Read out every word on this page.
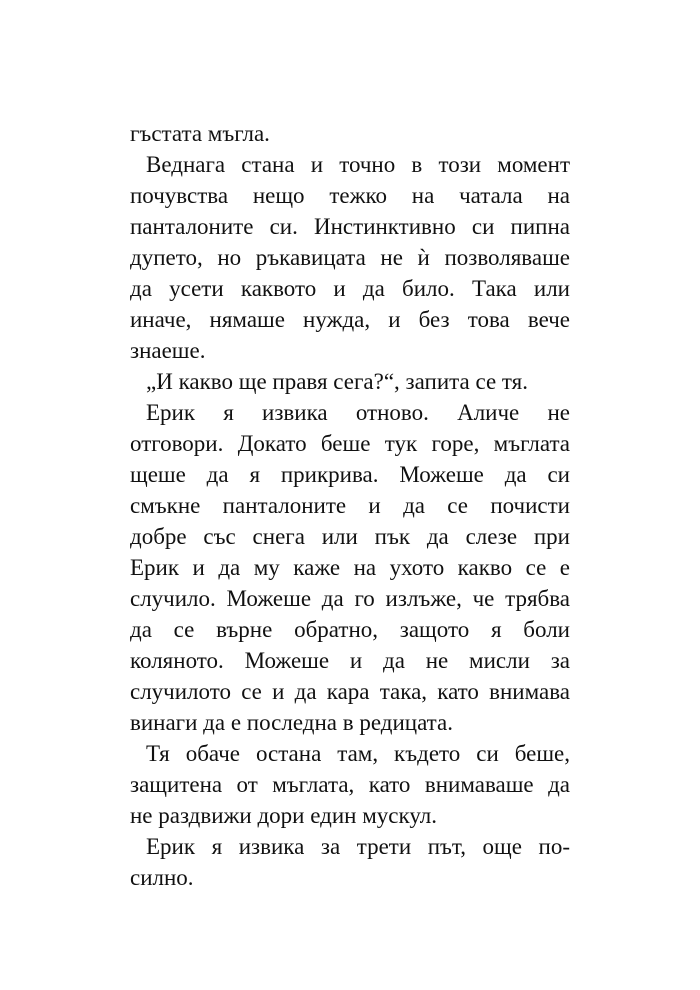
гъстата мъгла.
Веднага стана и точно в този момент
почувства нещо тежко на чатала на
панталоните си. Инстинктивно си пипна
дупето, но ръкавицата не ѝ позволяваше
да усети каквото и да било. Така или
иначе, нямаше нужда, и без това вече
знаеше.
„И какво ще правя сега?“, запита се тя.
Ерик я извика отново. Аличе не
отговори. Докато беше тук горе, мъглата
щеше да я прикрива. Можеше да си
смъкне панталоните и да се почисти
добре със снега или пък да слезе при
Ерик и да му каже на ухото какво се е
случило. Можеше да го излъже, че трябва
да се върне обратно, защото я боли
коляното. Можеше и да не мисли за
случилото се и да кара така, като внимава
винаги да е последна в редицата.
Тя обаче остана там, където си беше,
защитена от мъглата, като внимаваше да
не раздвижи дори един мускул.
Ерик я извика за трети път, още по-
силно.
